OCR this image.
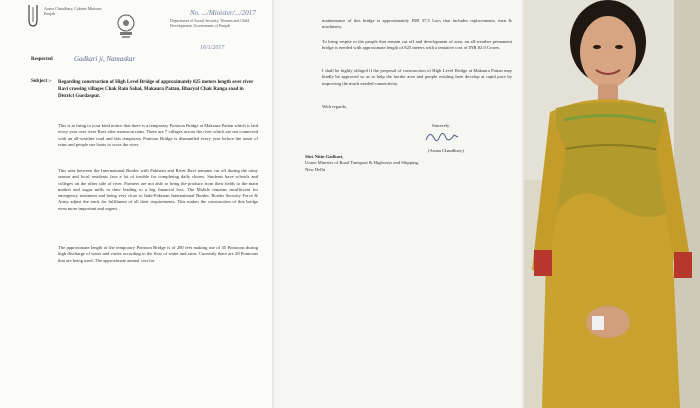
Aruna Chaudhary, Cabinet Minister, Punjab
Department of Social Security, Women and Child Development, Government of Punjab
No. .../Minister/.../2017
16/1/2017
Respected	Gadkari ji, Namaskar
Subject :- Regarding construction of High Level Bridge of approximately 825 meters length over river Ravi crossing villages Chak Ram Sahai, Makaura Pattan, Bharyal Chak Ranga road in District Gurdaspur.
This is to bring to your kind notice that there is a temporary Pontoon Bridge at Makaura Pattan which is laid every year over river Ravi after monsoon rains. There are 7 villages across the river which are not connected with an all-weather road and this temporary Pontoon Bridge is dismantled every year before the onset of rains and people use boats to cross the river.
This area between the International Border with Pakistan and River Ravi remains cut off during the rainy season and local residents face a lot of trouble for completing daily chores. Students have schools and colleges on the other side of river. Farmers are not able to bring the produce from their fields to the main market and sugar mills in time leading to a big financial loss. The Mobile remains insufficient for emergency treatment and being very close to Indo-Pakistan International Border, Border Security Force & Army adjust the track for fulfilment of all their requirements. This makes the construction of this bridge even more important and urgent.
The approximate length of the temporary Pontoon Bridge is of 280 feet making use of 35 Pontoons during high discharge of water and varies according to the flow of water and rains. Currently there are 28 Pontoons that are being used. The approximate annual cost for
maintenance of this bridge is approximately INR 37.5 Lacs that includes replacements, men & machinery.
To bring respite to the people that remain cut off and development of area, an all-weather permanent bridge is needed with approximate length of 825 meters with a tentative cost of INR 82.0 Crores.
I shall be highly obliged if the proposal of construction of High Level Bridge at Makaura Pattan may kindly be approved so as to help the border area and people residing here develop at rapid pace by improving the much needed connectivity.
With regards,
Sincerely
(Aruna Chaudhary)
Shri Nitin Gadkari,
Union Minister of Road Transport & Highways and Shipping, New Delhi
